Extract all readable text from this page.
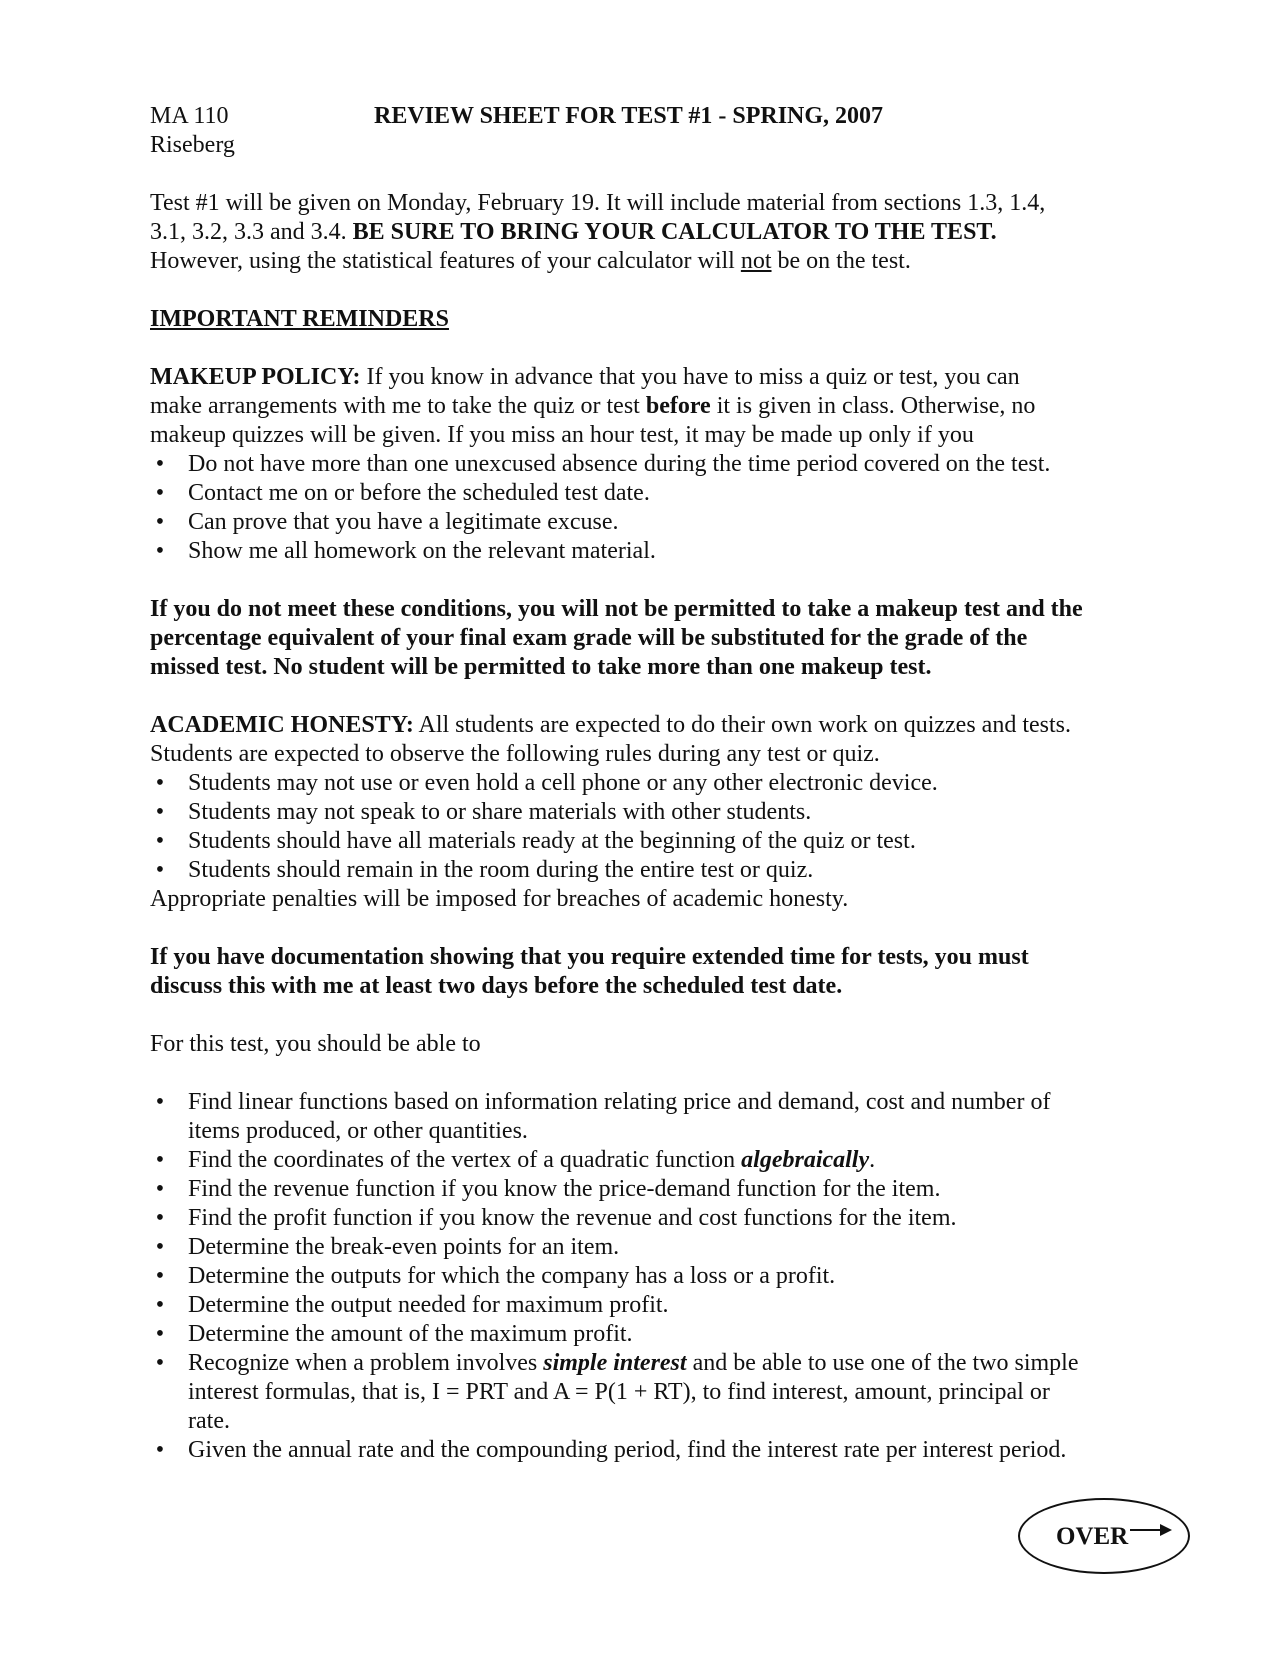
MA 110	REVIEW SHEET FOR TEST #1 - SPRING, 2007

Riseberg

Test #1 will be given on Monday, February 19. It will include material from sections 1.3, 1.4,

3.1, 3.2, 3.3 and 3.4. BE SURE TO BRING YOUR CALCULATOR TO THE TEST.

However, using the statistical features of your calculator will not be on the test.

IMPORTANT REMINDERS

MAKEUP POLICY: If you know in advance that you have to miss a quiz or test, you can

make arrangements with me to take the quiz or test before it is given in class. Otherwise, no

makeup quizzes will be given. If you miss an hour test, it may be made up only if you

• Do not have more than one unexcused absence during the time period covered on the test.
• Contact me on or before the scheduled test date.
• Can prove that you have a legitimate excuse.
• Show me all homework on the relevant material.

If you do not meet these conditions, you will not be permitted to take a makeup test and the

percentage equivalent of your final exam grade will be substituted for the grade of the

missed test. No student will be permitted to take more than one makeup test.

ACADEMIC HONESTY: All students are expected to do their own work on quizzes and tests.

Students are expected to observe the following rules during any test or quiz.

• Students may not use or even hold a cell phone or any other electronic device.
• Students may not speak to or share materials with other students.
• Students should have all materials ready at the beginning of the quiz or test.
• Students should remain in the room during the entire test or quiz.

Appropriate penalties will be imposed for breaches of academic honesty.

If you have documentation showing that you require extended time for tests, you must

discuss this with me at least two days before the scheduled test date.

For this test, you should be able to

• Find linear functions based on information relating price and demand, cost and number of
items produced, or other quantities.
• Find the coordinates of the vertex of a quadratic function algebraically.
• Find the revenue function if you know the price-demand function for the item.
• Find the profit function if you know the revenue and cost functions for the item.
• Determine the break-even points for an item.
• Determine the outputs for which the company has a loss or a profit.
• Determine the output needed for maximum profit.
• Determine the amount of the maximum profit.
• Recognize when a problem involves simple interest and be able to use one of the two simple
interest formulas, that is, I = PRT and A = P(1 + RT), to find interest, amount, principal or
rate.
• Given the annual rate and the compounding period, find the interest rate per interest period.
OVER
